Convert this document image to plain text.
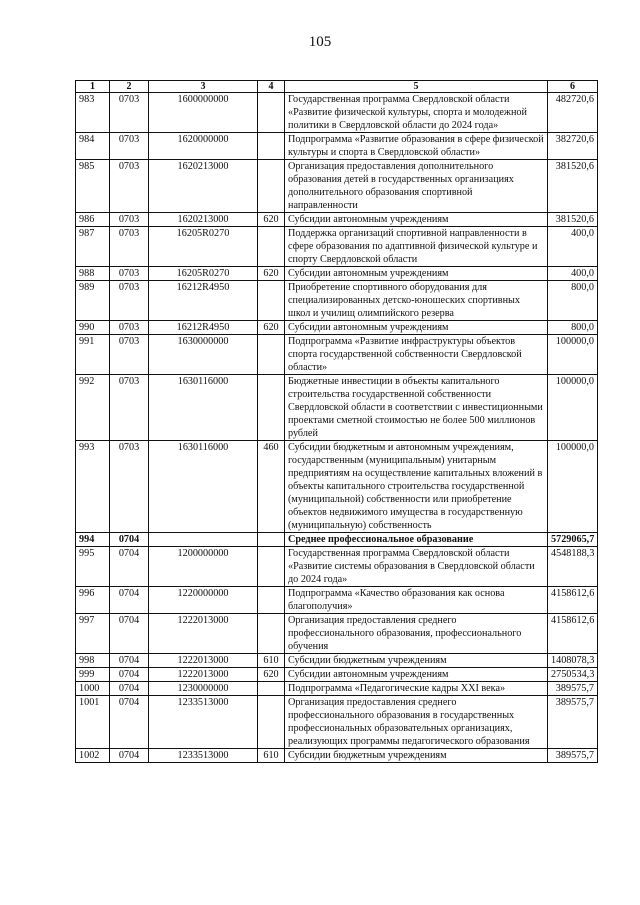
105
1	2	3	4	5	6
983	0703	1600000000		Государственная программа Свердловской области «Развитие физической культуры, спорта и молодежной политики в Свердловской области до 2024 года»	482720,6
984	0703	1620000000		Подпрограмма «Развитие образования в сфере физической культуры и спорта в Свердловской области»	382720,6
985	0703	1620213000		Организация предоставления дополнительного образования детей в государственных организациях дополнительного образования спортивной направленности	381520,6
986	0703	1620213000	620	Субсидии автономным учреждениям	381520,6
987	0703	16205R0270		Поддержка организаций спортивной направленности в сфере образования по адаптивной физической культуре и спорту Свердловской области	400,0
988	0703	16205R0270	620	Субсидии автономным учреждениям	400,0
989	0703	16212R4950		Приобретение спортивного оборудования для специализированных детско-юношеских спортивных школ и училищ олимпийского резерва	800,0
990	0703	16212R4950	620	Субсидии автономным учреждениям	800,0
991	0703	1630000000		Подпрограмма «Развитие инфраструктуры объектов спорта государственной собственности Свердловской области»	100000,0
992	0703	1630116000		Бюджетные инвестиции в объекты капитального строительства государственной собственности Свердловской области в соответствии с инвестиционными проектами сметной стоимостью не более 500 миллионов рублей	100000,0
993	0703	1630116000	460	Субсидии бюджетным и автономным учреждениям, государственным (муниципальным) унитарным предприятиям на осуществление капитальных вложений в объекты капитального строительства государственной (муниципальной) собственности или приобретение объектов недвижимого имущества в государственную (муниципальную) собственность	100000,0
994	0704			Среднее профессиональное образование	5729065,7
995	0704	1200000000		Государственная программа Свердловской области «Развитие системы образования в Свердловской области до 2024 года»	4548188,3
996	0704	1220000000		Подпрограмма «Качество образования как основа благополучия»	4158612,6
997	0704	1222013000		Организация предоставления среднего профессионального образования, профессионального обучения	4158612,6
998	0704	1222013000	610	Субсидии бюджетным учреждениям	1408078,3
999	0704	1222013000	620	Субсидии автономным учреждениям	2750534,3
1000	0704	1230000000		Подпрограмма «Педагогические кадры XXI века»	389575,7
1001	0704	1233513000		Организация предоставления среднего профессионального образования в государственных профессиональных образовательных организациях, реализующих программы педагогического образования	389575,7
1002	0704	1233513000	610	Субсидии бюджетным учреждениям	389575,7
